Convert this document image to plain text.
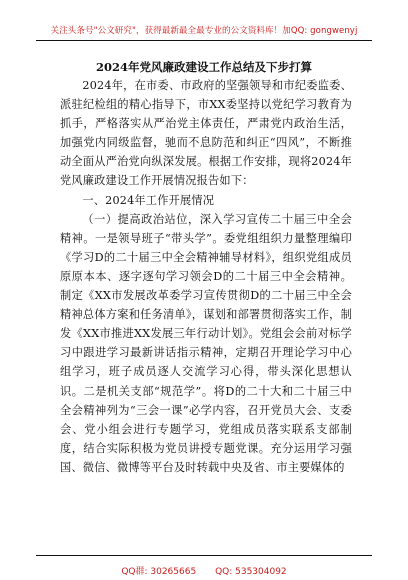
关注头条号"公文研究"，获得最新最全最专业的公文资料库！加QQ: gongwenyj
2024年党风廉政建设工作总结及下步打算

2024年，在市委、市政府的坚强领导和市纪委监委、派驻纪检组的精心指导下，市XX委坚持以党纪学习教育为抓手，严格落实从严治党主体责任，严肃党内政治生活，加强党内同级监督，驰而不息防范和纠正“四风”，不断推动全面从严治党向纵深发展。根据工作安排，现将2024年党风廉政建设工作开展情况报告如下：

一、2024年工作开展情况

（一）提高政治站位，深入学习宣传二十届三中全会精神。一是领导班子“带头学”。委党组组织力量整理编印《学习D的二十届三中全会精神辅导材料》，组织党组成员原原本本、逐字逐句学习领会D的二十届三中全会精神。制定《XX市发展改革委学习宣传贯彻D的二十届三中全会精神总体方案和任务清单》，谋划和部署贯彻落实工作，制发《XX市推进XX发展三年行动计划》。党组会会前对标学习中跟进学习最新讲话指示精神，定期召开理论学习中心组学习，班子成员逐人交流学习心得，带头深化思想认识。二是机关支部“规范学”。将D的二十大和二十届三中全会精神列为“三会一课”必学内容，召开党员大会、支委会、党小组会进行专题学习，党组成员落实联系支部制度，结合实际积极为党员讲授专题党课。充分运用学习强国、微信、微博等平台及时转载中央及省、市主要媒体的

QQ群: 30265665 QQ: 535304092
